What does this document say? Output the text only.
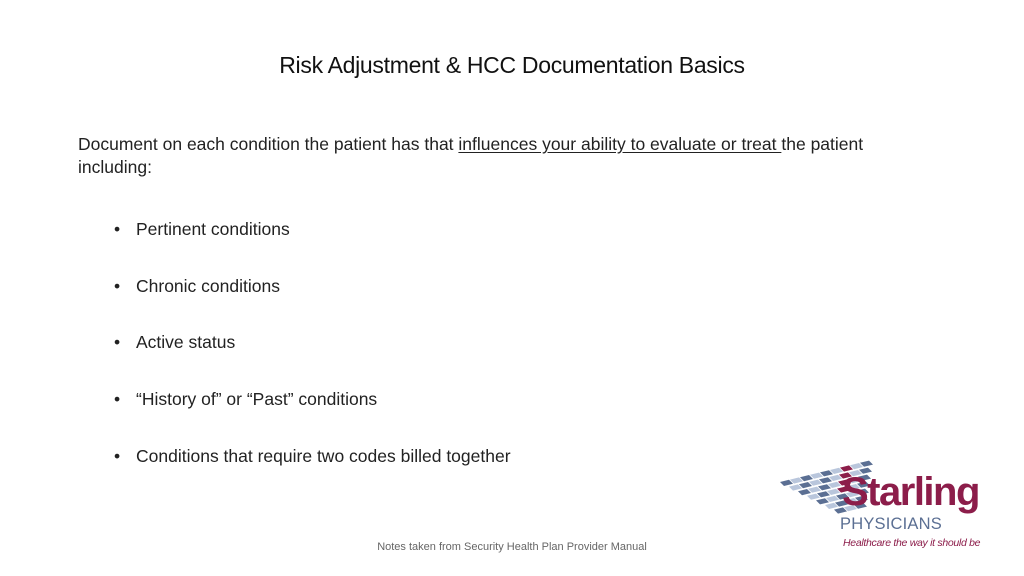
Risk Adjustment & HCC Documentation Basics

Document on each condition the patient has that influences your ability to evaluate or treat the patient including:

• Pertinent conditions
• Chronic conditions
• Active status
• “History of” or “Past” conditions
• Conditions that require two codes billed together

Notes taken from Security Health Plan Provider Manual

Starling
PHYSICIANS
Healthcare the way it should be
